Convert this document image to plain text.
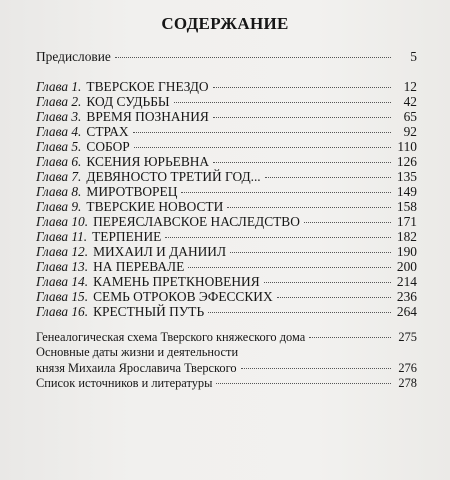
СОДЕРЖАНИЕ
Предисловие	5
Глава 1. ТВЕРСКОЕ ГНЕЗДО	12
Глава 2. КОД СУДЬБЫ	42
Глава 3. ВРЕМЯ ПОЗНАНИЯ	65
Глава 4. СТРАХ	92
Глава 5. СОБОР	110
Глава 6. КСЕНИЯ ЮРЬЕВНА	126
Глава 7. ДЕВЯНОСТО ТРЕТИЙ ГОД...	135
Глава 8. МИРОТВОРЕЦ	149
Глава 9. ТВЕРСКИЕ НОВОСТИ	158
Глава 10. ПЕРЕЯСЛАВСКОЕ НАСЛЕДСТВО	171
Глава 11. ТЕРПЕНИЕ	182
Глава 12. МИХАИЛ И ДАНИИЛ	190
Глава 13. НА ПЕРЕВАЛЕ	200
Глава 14. КАМЕНЬ ПРЕТКНОВЕНИЯ	214
Глава 15. СЕМЬ ОТРОКОВ ЭФЕССКИХ	236
Глава 16. КРЕСТНЫЙ ПУТЬ	264
Генеалогическая схема Тверского княжеского дома	275
Основные даты жизни и деятельности
князя Михаила Ярославича Тверского	276
Список источников и литературы	278
